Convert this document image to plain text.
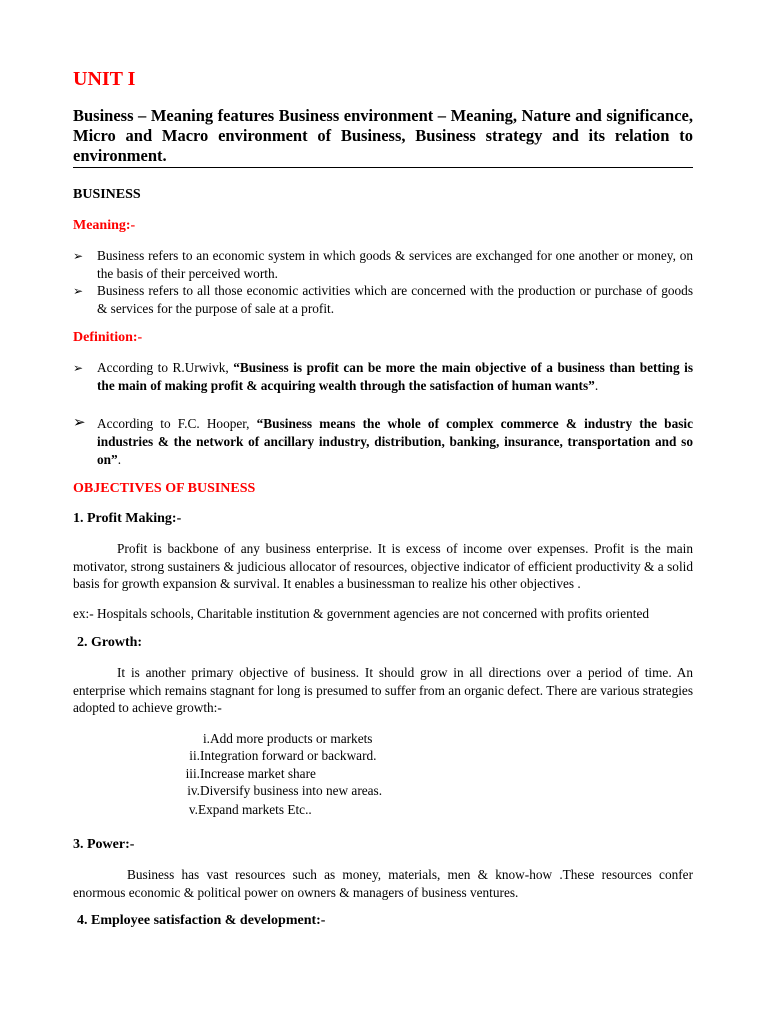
UNIT I

Business – Meaning features Business environment – Meaning, Nature and significance, Micro and Macro environment of Business, Business strategy and its relation to environment.

BUSINESS
Meaning:-
➢ Business refers to an economic system in which goods & services are exchanged for one another or money, on the basis of their perceived worth.
➢ Business refers to all those economic activities which are concerned with the production or purchase of goods & services for the purpose of sale at a profit.
Definition:-
➢ According to R.Urwivk, “Business is profit can be more the main objective of a business than betting is the main of making profit & acquiring wealth through the satisfaction of human wants”.
➢ According to F.C. Hooper, “Business means the whole of complex commerce & industry the basic industries & the network of ancillary industry, distribution, banking, insurance, transportation and so on”.
OBJECTIVES OF BUSINESS
1. Profit Making:-

Profit is backbone of any business enterprise. It is excess of income over expenses. Profit is the main motivator, strong sustainers & judicious allocator of resources, objective indicator of efficient productivity & a solid basis for growth expansion & survival. It enables a businessman to realize his other objectives .

ex:- Hospitals schools, Charitable institution & government agencies are not concerned with profits oriented

2. Growth:

It is another primary objective of business. It should grow in all directions over a period of time. An enterprise which remains stagnant for long is presumed to suffer from an organic defect. There are various strategies adopted to achieve growth:-

i. Add more products or markets
ii. Integration forward or backward.
iii. Increase market share
iv. Diversify business into new areas.
v. Expand markets Etc..
3. Power:-

Business has vast resources such as money, materials, men & know-how .These resources confer enormous economic & political power on owners & managers of business ventures.

4. Employee satisfaction & development:-
